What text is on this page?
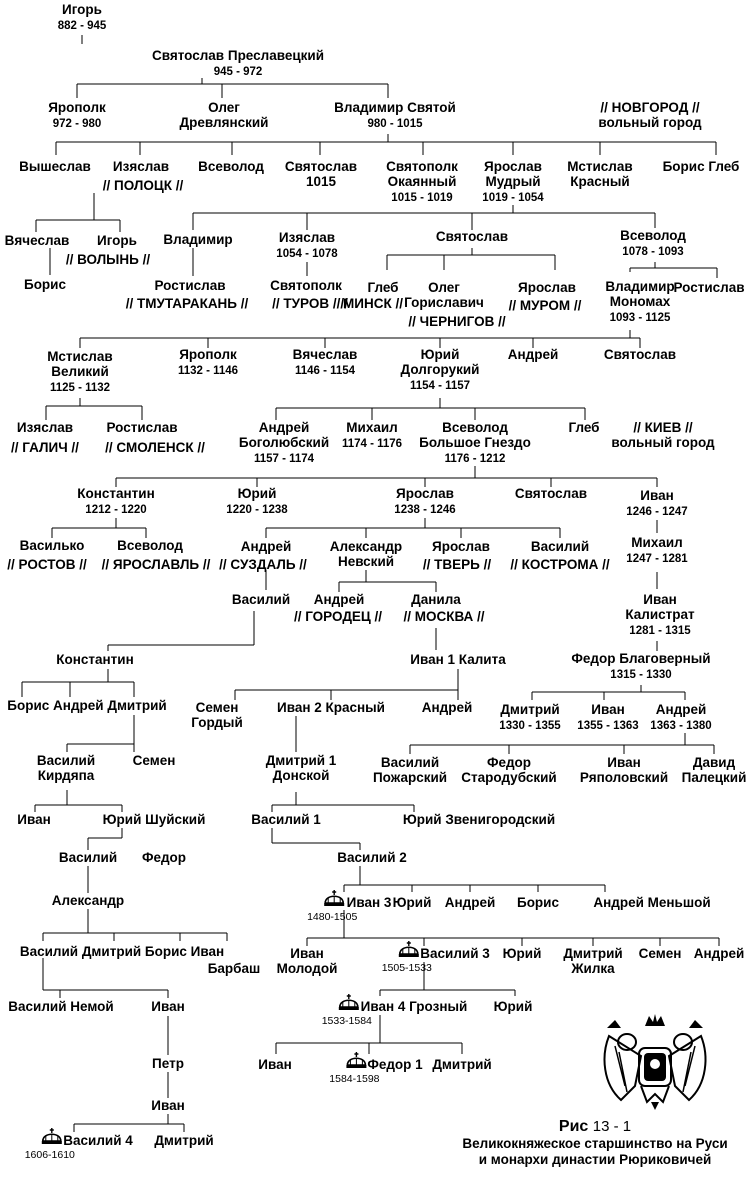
Игорь
882 - 945
Святослав Преславецкий
945 - 972
Ярополк
972 - 980
Олег
Древлянский
Владимир Святой
980 - 1015
// НОВГОРОД //
вольный город
Вышеслав Изяслав Всеволод
// ПОЛОЦК //
Святослав
1015
Святополк
Окаянный
1015 - 1019
Ярослав
Мудрый
1019 - 1054
Мстислав
Красный
Борис Глеб
Вячеслав Игорь
// ВОЛЫНЬ //
Борис
Владимир
Ростислав
// ТМУТАРАКАНЬ //
Изяслав
1054 - 1078
Святополк
// ТУРОВ ////
Святослав
Глеб
МИНСК //
Олег
Гориславич
// ЧЕРНИГОВ //
Ярослав
// МУРОМ //
Всеволод
1078 - 1093
Владимир
Мономах
1093 - 1125
Ростислав
Мстислав
Великий
1125 - 1132
Ярополк
1132 - 1146
Вячеслав
1146 - 1154
Юрий
Долгорукий
1154 - 1157
Андрей	Святослав
Изяслав
// ГАЛИЧ //
Ростислав
// СМОЛЕНСК //
Андрей
Боголюбский
1157 - 1174
Михаил
1174 - 1176
Всеволод
Большое Гнездо
1176 - 1212
Глеб	// КИЕВ //
вольный город
Константин
1212 - 1220
Юрий
1220 - 1238
Ярослав
1238 - 1246
Святослав	Иван
1246 - 1247
Василько
// РОСТОВ //
Всеволод
// ЯРОСЛАВЛЬ //
Андрей
// СУЗДАЛЬ //
Александр
Невский
Ярослав
// ТВЕРЬ //
Василий
// КОСТРОМА //
Михаил
1247 - 1281
Василий Андрей
// ГОРОДЕЦ //
Данила
// МОСКВА //
Иван
Калистрат
1281 - 1315
Константин	Иван 1 Калита	Федор Благоверный
1315 - 1330
Борис Андрей Дмитрий Семен
Гордый
Иван 2 Красный	Андрей Дмитрий
1330 - 1355
Иван
1355 - 1363
Андрей
1363 - 1380
Василий
Кирдяпа
Семен	Дмитрий 1
Донской
Василий
Пожарский
Федор
Стародубский
Иван
Ряполовский
Давид
Палецкий
Иван	Юрий Шуйский	Василий 1	Юрий Звенигородский
Василий Федор	Василий 2
Александр	Иван 3
1480-1505
Юрий Андрей Борис	Андрей Меньшой
Василий Дмитрий Борис Иван
Барбаш
Иван
Молодой
Василий 3
1505-1533
Юрий Дмитрий
Жилка
Семен Андрей
Василий Немой	Иван	Иван 4 Грозный
1533-1584
Юрий
Петр
Иван
Федор 1
1584-1598
Дмитрий
Иван
Василий 4
1606-1610
Дмитрий
Рис 13 - 1
Великокняжеское старшинство на Руси
и монархи династии Рюриковичей
